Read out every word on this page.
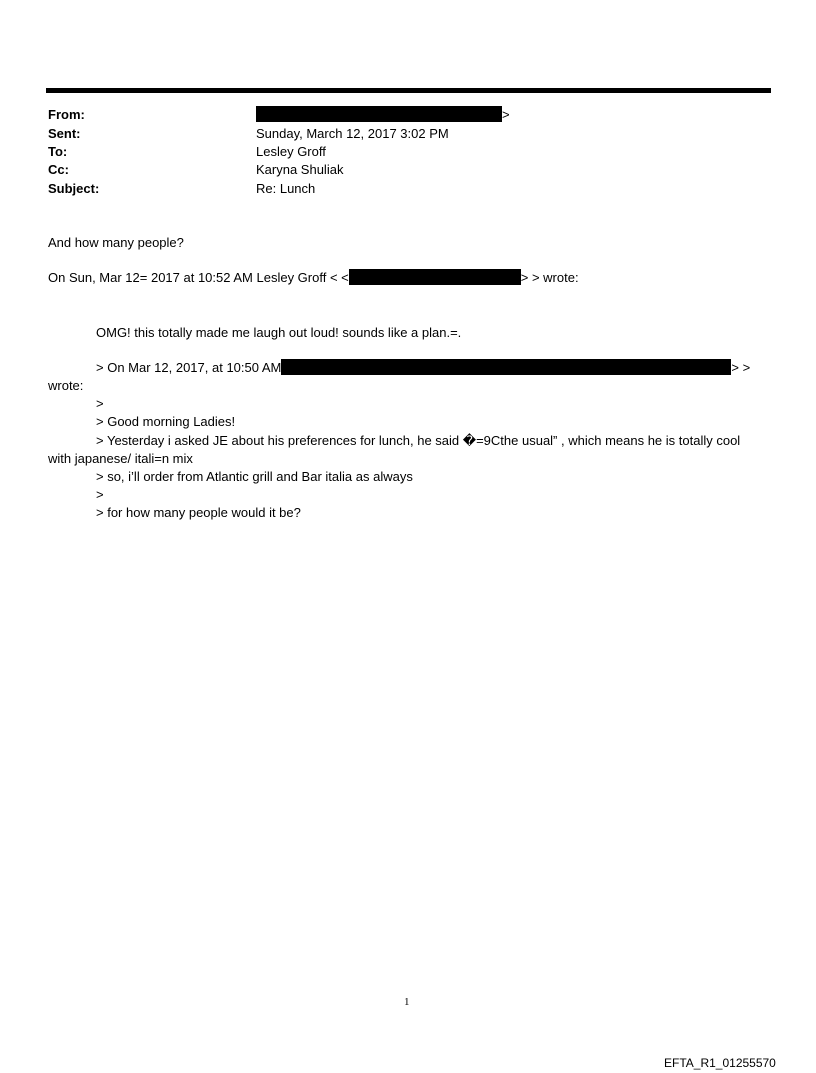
From:	>
Sent:	Sunday, March 12, 2017 3:02 PM
To:	Lesley Groff
Cc:	Karyna Shuliak
Subject:	Re: Lunch
And how many people?
On Sun, Mar 12= 2017 at 10:52 AM Lesley Groff < <	> > wrote:
OMG! this totally made me laugh out loud! sounds like a plan.=.
> On Mar 12, 2017, at 10:50 AM	> >
wrote:
>
> Good morning Ladies!
> Yesterday i asked JE about his preferences for lunch, he said �=9Cthe usual” , which means he is totally cool
with japanese/ itali=n mix
> so, i’ll order from Atlantic grill and Bar italia as always
>
> for how many people would it be?
1
EFTA_R1_01255570
